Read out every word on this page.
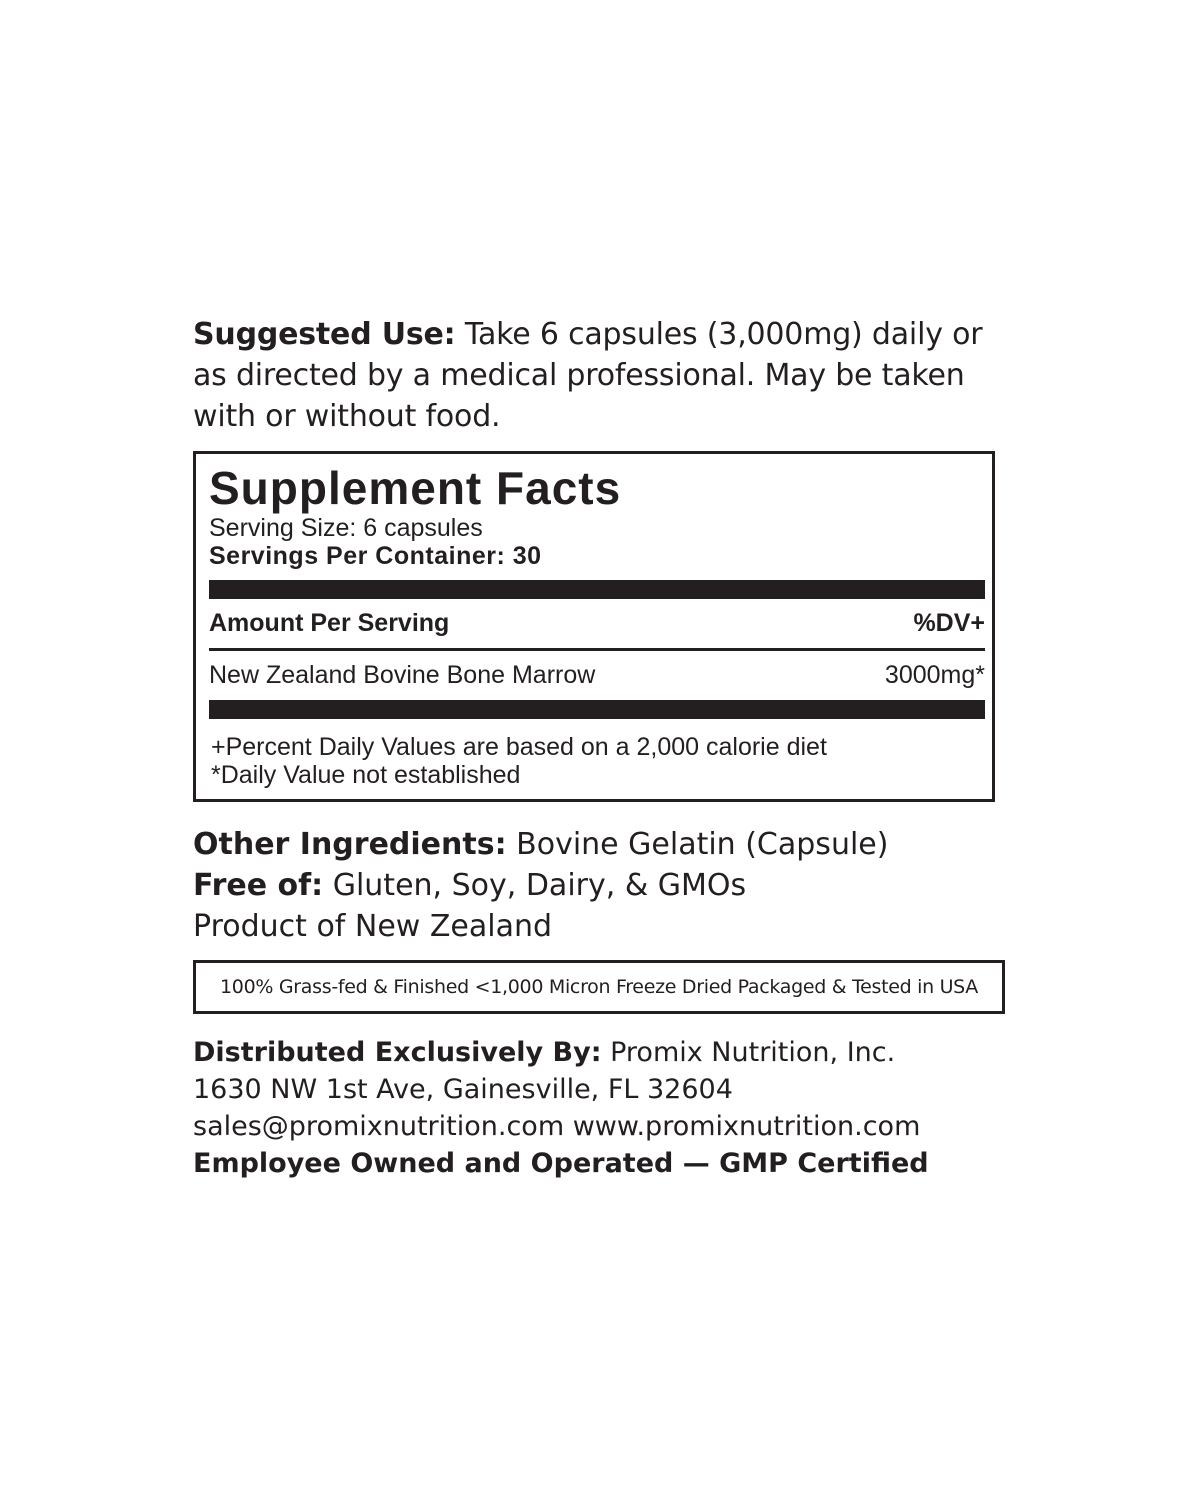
Suggested Use: Take 6 capsules (3,000mg) daily or as directed by a medical professional. May be taken with or without food.
Supplement Facts
Serving Size: 6 capsules
Servings Per Container: 30
Amount Per Serving	%DV+
New Zealand Bovine Bone Marrow	3000mg*
+Percent Daily Values are based on a 2,000 calorie diet
*Daily Value not established
Other Ingredients: Bovine Gelatin (Capsule)
Free of: Gluten, Soy, Dairy, & GMOs
Product of New Zealand
100% Grass-fed & Finished <1,000 Micron Freeze Dried Packaged & Tested in USA
Distributed Exclusively By: Promix Nutrition, Inc.
1630 NW 1st Ave, Gainesville, FL 32604
sales@promixnutrition.com www.promixnutrition.com
Employee Owned and Operated — GMP Certified
